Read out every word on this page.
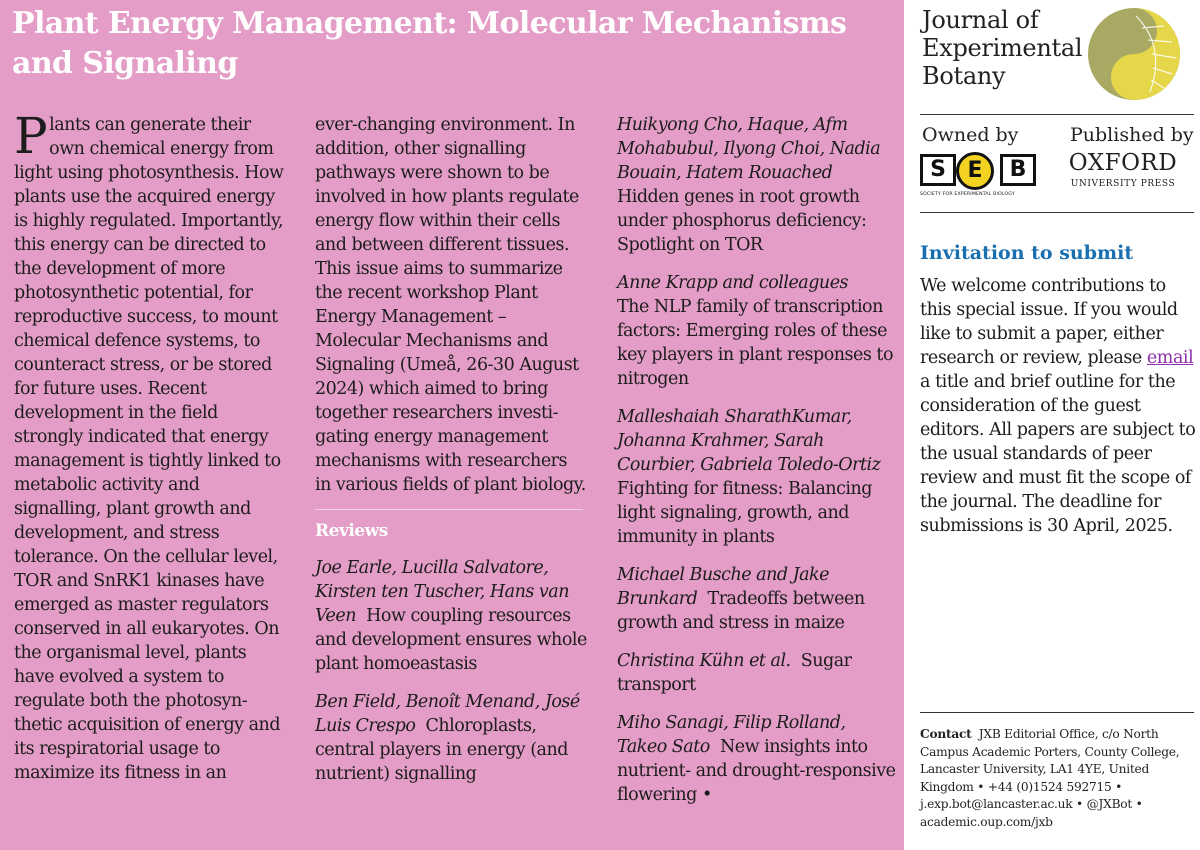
Plant Energy Management: Molecular Mechanisms and Signaling
Plants can generate their own chemical energy from light using photosynthesis. How plants use the acquired energy is highly regulated. Importantly, this energy can be directed to the development of more photosynthetic potential, for reproductive success, to mount chemical defence systems, to counteract stress, or be stored for future uses. Recent development in the field strongly indicated that energy management is tightly linked to metabolic activity and signalling, plant growth and development, and stress tolerance. On the cellular level, TOR and SnRK1 kinases have emerged as master regulators conserved in all eukaryotes. On the organismal level, plants have evolved a system to regulate both the photosynthetic acquisition of energy and its respiratorial usage to maximize its fitness in an

ever-changing environment. In addition, other signalling pathways were shown to be involved in how plants regulate energy flow within their cells and between different tissues. This issue aims to summarize the recent workshop Plant Energy Management – Molecular Mechanisms and Signaling (Umeå, 26-30 August 2024) which aimed to bring together researchers investigating energy management mechanisms with researchers in various fields of plant biology.

Reviews
Joe Earle, Lucilla Salvatore, Kirsten ten Tuscher, Hans van Veen How coupling resources and development ensures whole plant homoeastasis
Ben Field, Benoît Menand, José Luis Crespo Chloroplasts, central players in energy (and nutrient) signalling
Huikyong Cho, Haque, Afm Mohabubul, Ilyong Choi, Nadia Bouain, Hatem Rouached
Hidden genes in root growth under phosphorus deficiency: Spotlight on TOR
Anne Krapp and colleagues
The NLP family of transcription factors: Emerging roles of these key players in plant responses to nitrogen
Malleshaiah SharathKumar, Johanna Krahmer, Sarah Courbier, Gabriela Toledo-Ortiz
Fighting for fitness: Balancing light signaling, growth, and immunity in plants
Michael Busche and Jake Brunkard Tradeoffs between growth and stress in maize
Christina Kühn et al. Sugar transport
Miho Sanagi, Filip Rolland, Takeo Sato New insights into nutrient- and drought-responsive flowering •
Journal of Experimental Botany
Owned by	Published by
S E	B
SOCIETY FOR EXPERIMENTAL BIOLOGY
OXFORD
UNIVERSITY PRESS
Invitation to submit
We welcome contributions to this special issue. If you would like to submit a paper, either research or review, please email a title and brief outline for the consideration of the guest editors. All papers are subject to the usual standards of peer review and must fit the scope of the journal. The deadline for submissions is 30 April, 2025.
Contact JXB Editorial Office, c/o North Campus Academic Porters, County College, Lancaster University, LA1 4YE, United Kingdom • +44 (0)1524 592715 • j.exp.bot@lancaster.ac.uk • @JXBot • academic.oup.com/jxb
